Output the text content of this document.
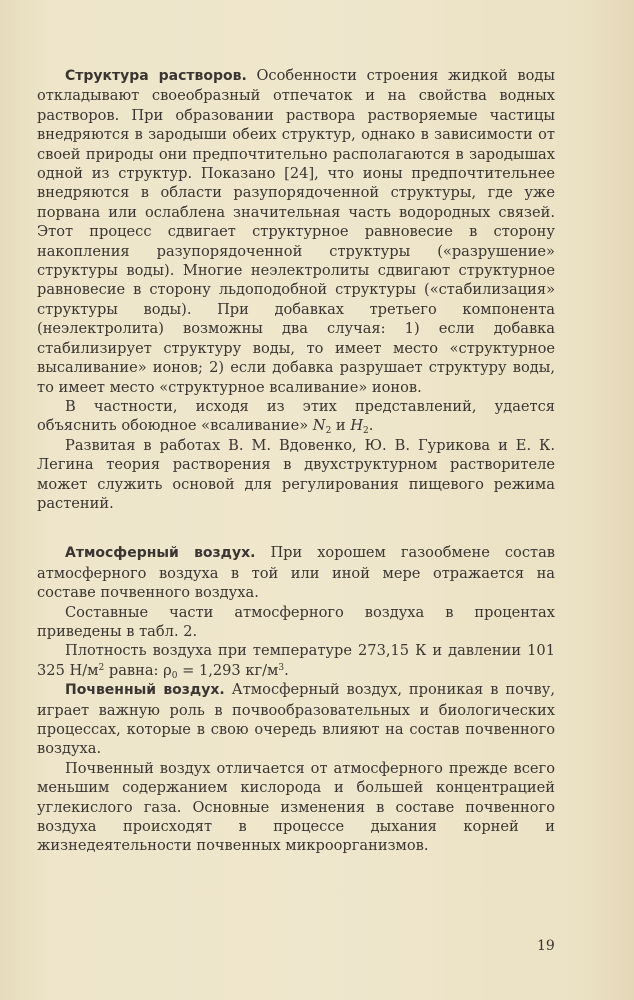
Структура растворов. Особенности строения жидкой воды откладывают своеобразный отпечаток и на свойства водных растворов. При образовании раствора растворяемые частицы внедряются в зародыши обеих структур, однако в зависимости от своей природы они предпочтительно располагаются в зародышах одной из структур. Показано [24], что ионы предпочтительнее внедряются в области разупорядоченной структуры, где уже порвана или ослаблена значительная часть водородных связей. Этот процесс сдвигает структурное равновесие в сторону накопления разупорядоченной структуры («разрушение» структуры воды). Многие неэлектролиты сдвигают структурное равновесие в сторону льдоподобной структуры («стабилизация» структуры воды). При добавках третьего компонента (неэлектролита) возможны два случая: 1) если добавка стабилизирует структуру воды, то имеет место «структурное высаливание» ионов; 2) если добавка разрушает структуру воды, то имеет место «структурное всаливание» ионов.

В частности, исходя из этих представлений, удается объяснить обоюдное «всаливание» $N_2$ и $H_2$.

Развитая в работах В. М. Вдовенко, Ю. В. Гурикова и Е. К. Легина теория растворения в двухструктурном растворителе может служить основой для регулирования пищевого режима растений.

Атмосферный воздух. При хорошем газообмене состав атмосферного воздуха в той или иной мере отражается на составе почвенного воздуха.

Составные части атмосферного воздуха в процентах приведены в табл. 2.

Плотность воздуха при температуре 273,15 К и давлении 101 325 $Н/м^2$ равна: $\rho_0 = 1,293$ $кг/м^3$.

Почвенный воздух. Атмосферный воздух, проникая в почву, играет важную роль в почвообразовательных и биологических процессах, которые в свою очередь влияют на состав почвенного воздуха.

Почвенный воздух отличается от атмосферного прежде всего меньшим содержанием кислорода и большей концентрацией углекислого газа. Основные изменения в составе почвенного воздуха происходят в процессе дыхания корней и жизнедеятельности почвенных микроорганизмов.

19
